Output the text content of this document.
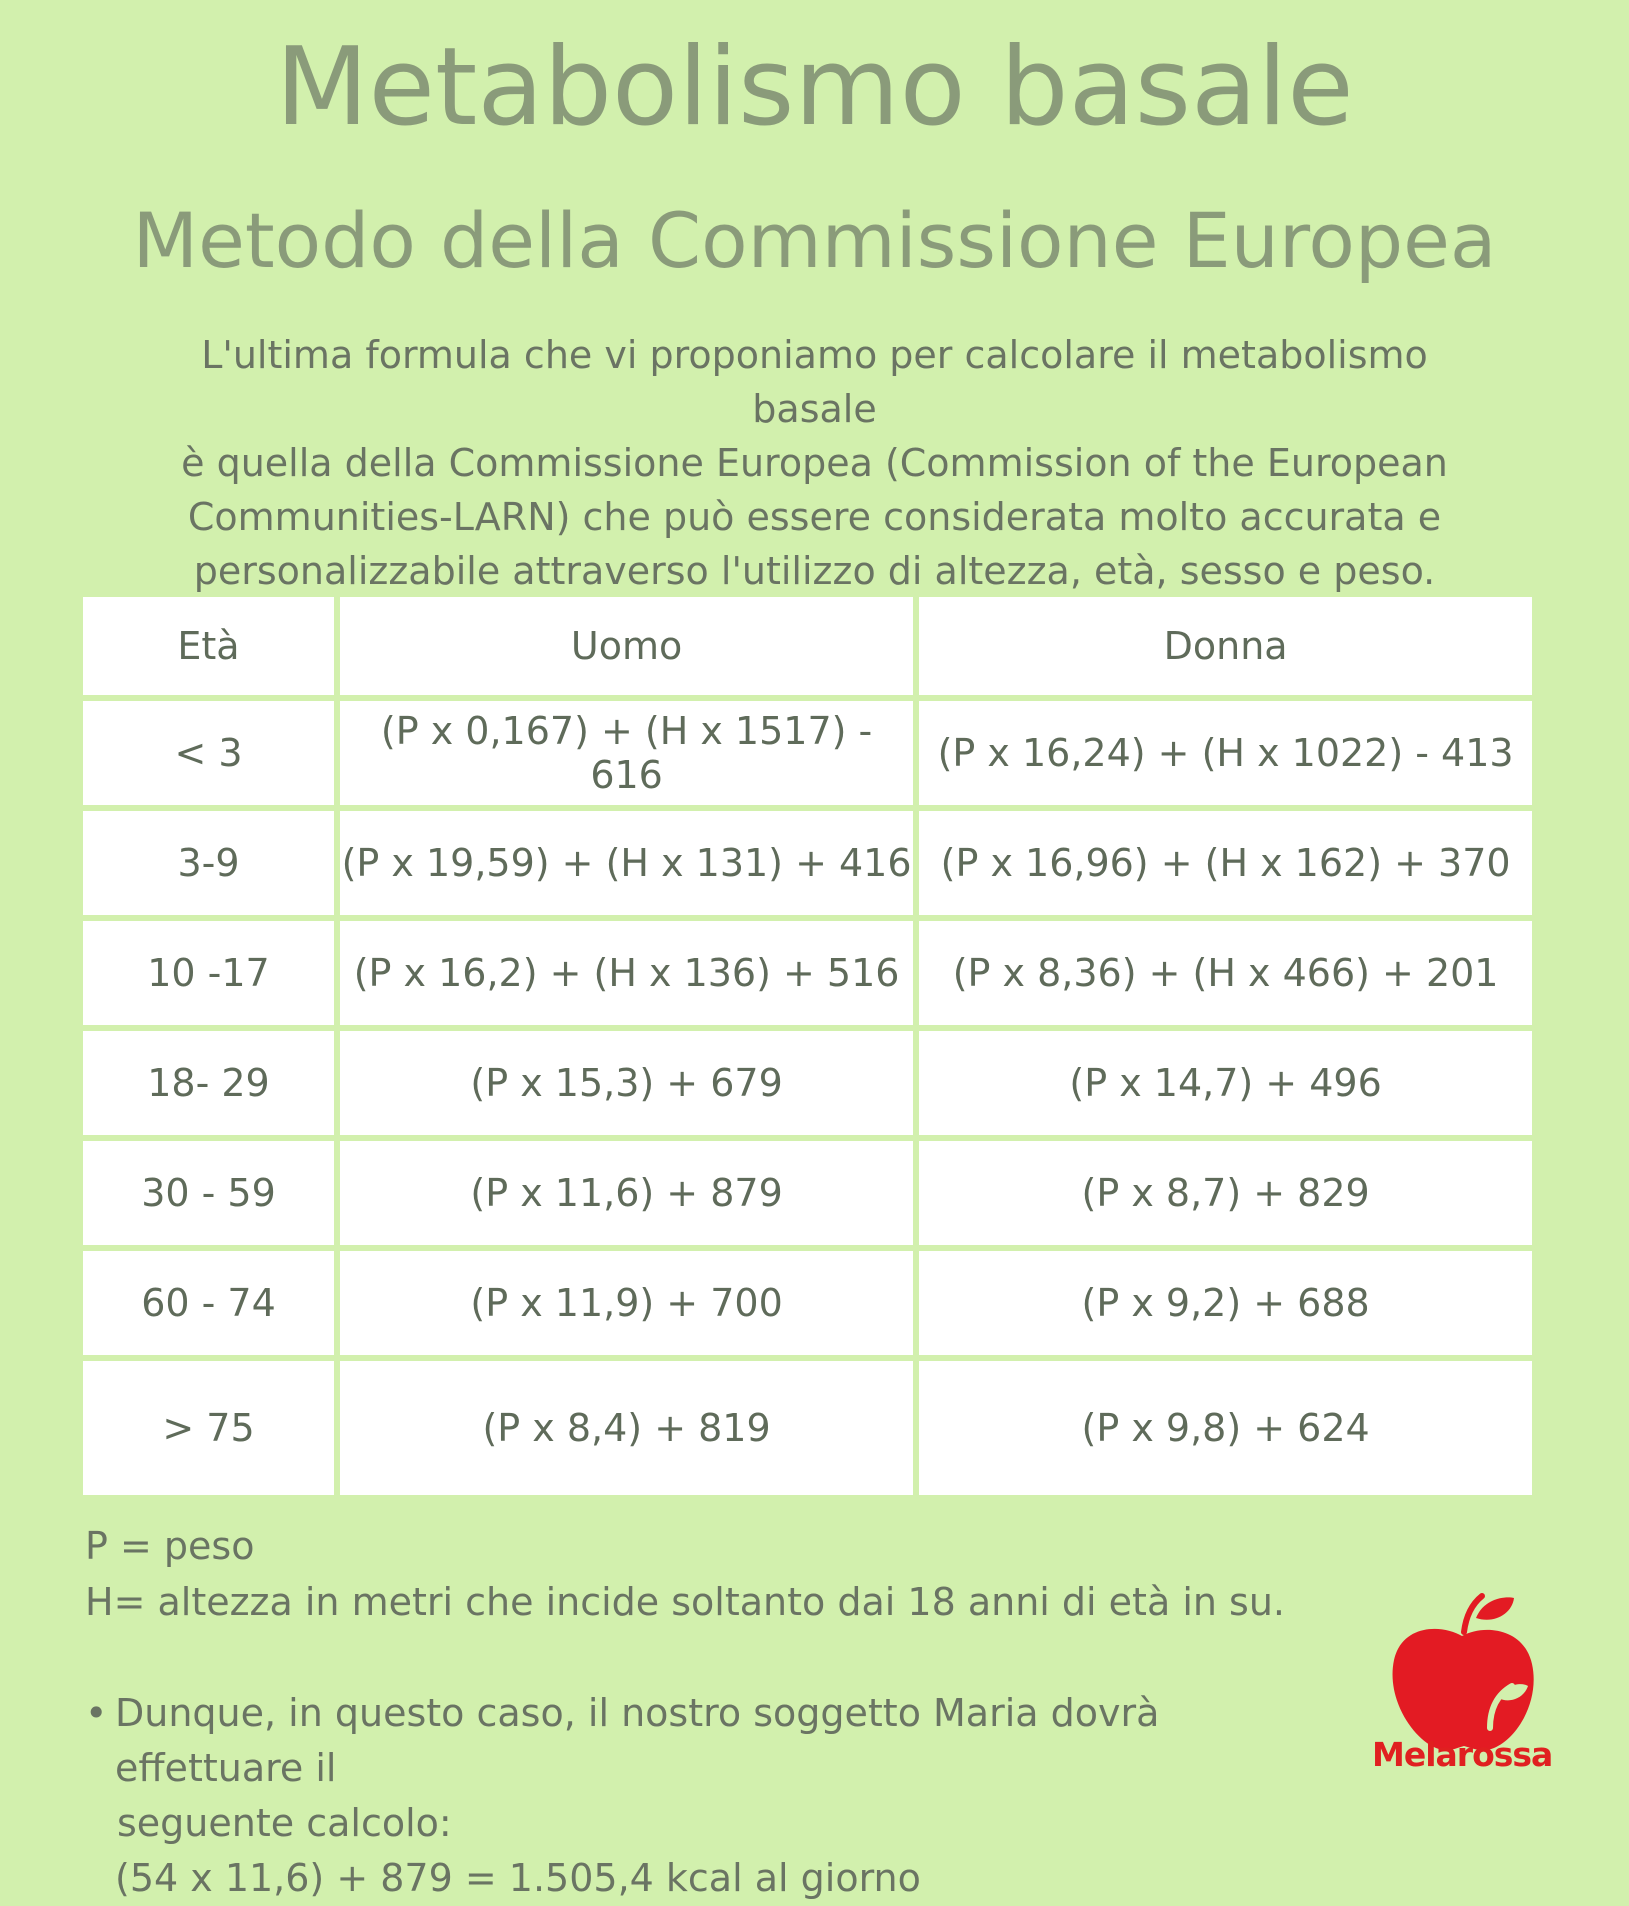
Metabolismo basale
Metodo della Commissione Europea
L'ultima formula che vi proponiamo per calcolare il metabolismo basale
è quella della Commissione Europea (Commission of the European
Communities-LARN) che può essere considerata molto accurata e
personalizzabile attraverso l'utilizzo di altezza, età, sesso e peso.
Età	Uomo	Donna
< 3	(P x 0,167) + (H x 1517) - 616	(P x 16,24) + (H x 1022) - 413
3-9	(P x 19,59) + (H x 131) + 416	(P x 16,96) + (H x 162) + 370
10 -17	(P x 16,2) + (H x 136) + 516	(P x 8,36) + (H x 466) + 201
18- 29	(P x 15,3) + 679	(P x 14,7) + 496
30 - 59	(P x 11,6) + 879	(P x 8,7) + 829
60 - 74	(P x 11,9) + 700	(P x 9,2) + 688
> 75	(P x 8,4) + 819	(P x 9,8) + 624
P = peso
H= altezza in metri che incide soltanto dai 18 anni di età in su.
• Dunque, in questo caso, il nostro soggetto Maria dovrà effettuare il
seguente calcolo:
(54 x 11,6) + 879 = 1.505,4 kcal al giorno
Melarossa
